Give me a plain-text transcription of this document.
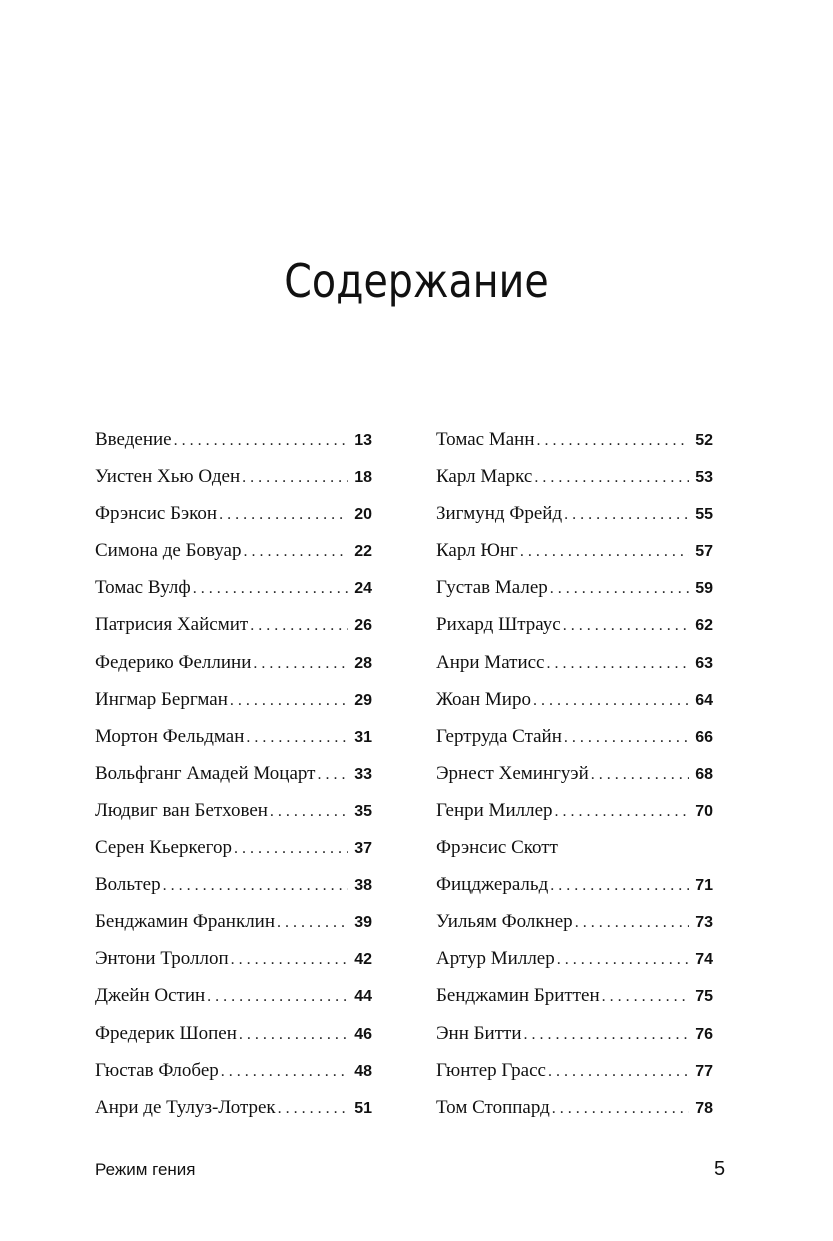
Содержание
Введение . . .	13
Уистен Хью Оден . . .	18
Фрэнсис Бэкон . . .	20
Симона де Бовуар . . .	22
Томас Вулф . . .	24
Патрисия Хайсмит . . .	26
Федерико Феллини . . .	28
Ингмар Бергман . . .	29
Мортон Фельдман . . .	31
Вольфганг Амадей Моцарт . . . 33
Людвиг ван Бетховен . . .	35
Серен Кьеркегор . . .	37
Вольтер . . .	38
Бенджамин Франклин . . .	39
Энтони Троллоп . . .	42
Джейн Остин . . .	44
Фредерик Шопен . . .	46
Гюстав Флобер . . .	48
Анри де Тулуз-Лотрек . . .	51
Томас Манн . . .	52
Карл Маркс . . .	53
Зигмунд Фрейд . . .	55
Карл Юнг . . .	57
Густав Малер . . .	59
Рихард Штраус . . .	62
Анри Матисс . . .	63
Жоан Миро . . .	64
Гертруда Стайн . . .	66
Эрнест Хемингуэй . . .	68
Генри Миллер . . .	70
Фрэнсис Скотт
Фицджеральд . . .	71
Уильям Фолкнер . . .	73
Артур Миллер . . .	74
Бенджамин Бриттен . . .	75
Энн Битти . . .	76
Гюнтер Грасс . . .	77
Том Стоппард . . .	78
Режим гения	5
